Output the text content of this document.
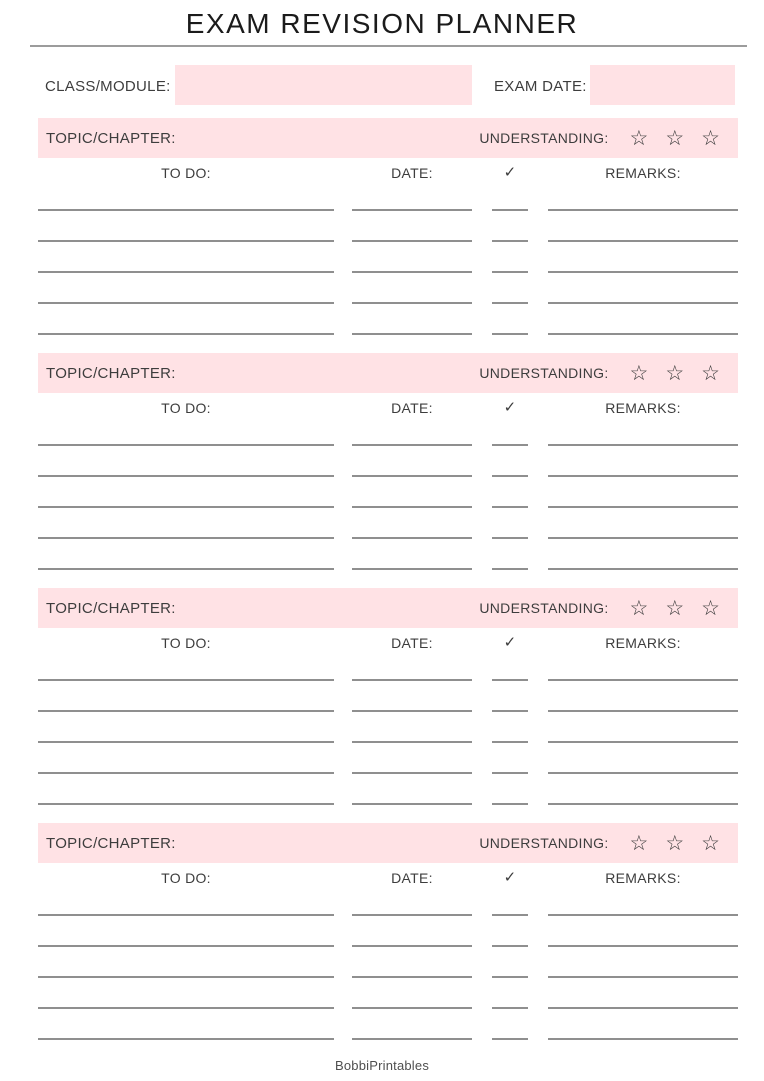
EXAM REVISION PLANNER
CLASS/MODULE:	EXAM DATE:
TOPIC/CHAPTER:	UNDERSTANDING: ☆ ☆ ☆
TO DO:	DATE:	✓	REMARKS:
TOPIC/CHAPTER:	UNDERSTANDING: ☆ ☆ ☆
TO DO:	DATE:	✓	REMARKS:
TOPIC/CHAPTER:	UNDERSTANDING: ☆ ☆ ☆
TO DO:	DATE:	✓	REMARKS:
TOPIC/CHAPTER:	UNDERSTANDING: ☆ ☆ ☆
TO DO:	DATE:	✓	REMARKS:
BobbiPrintables
